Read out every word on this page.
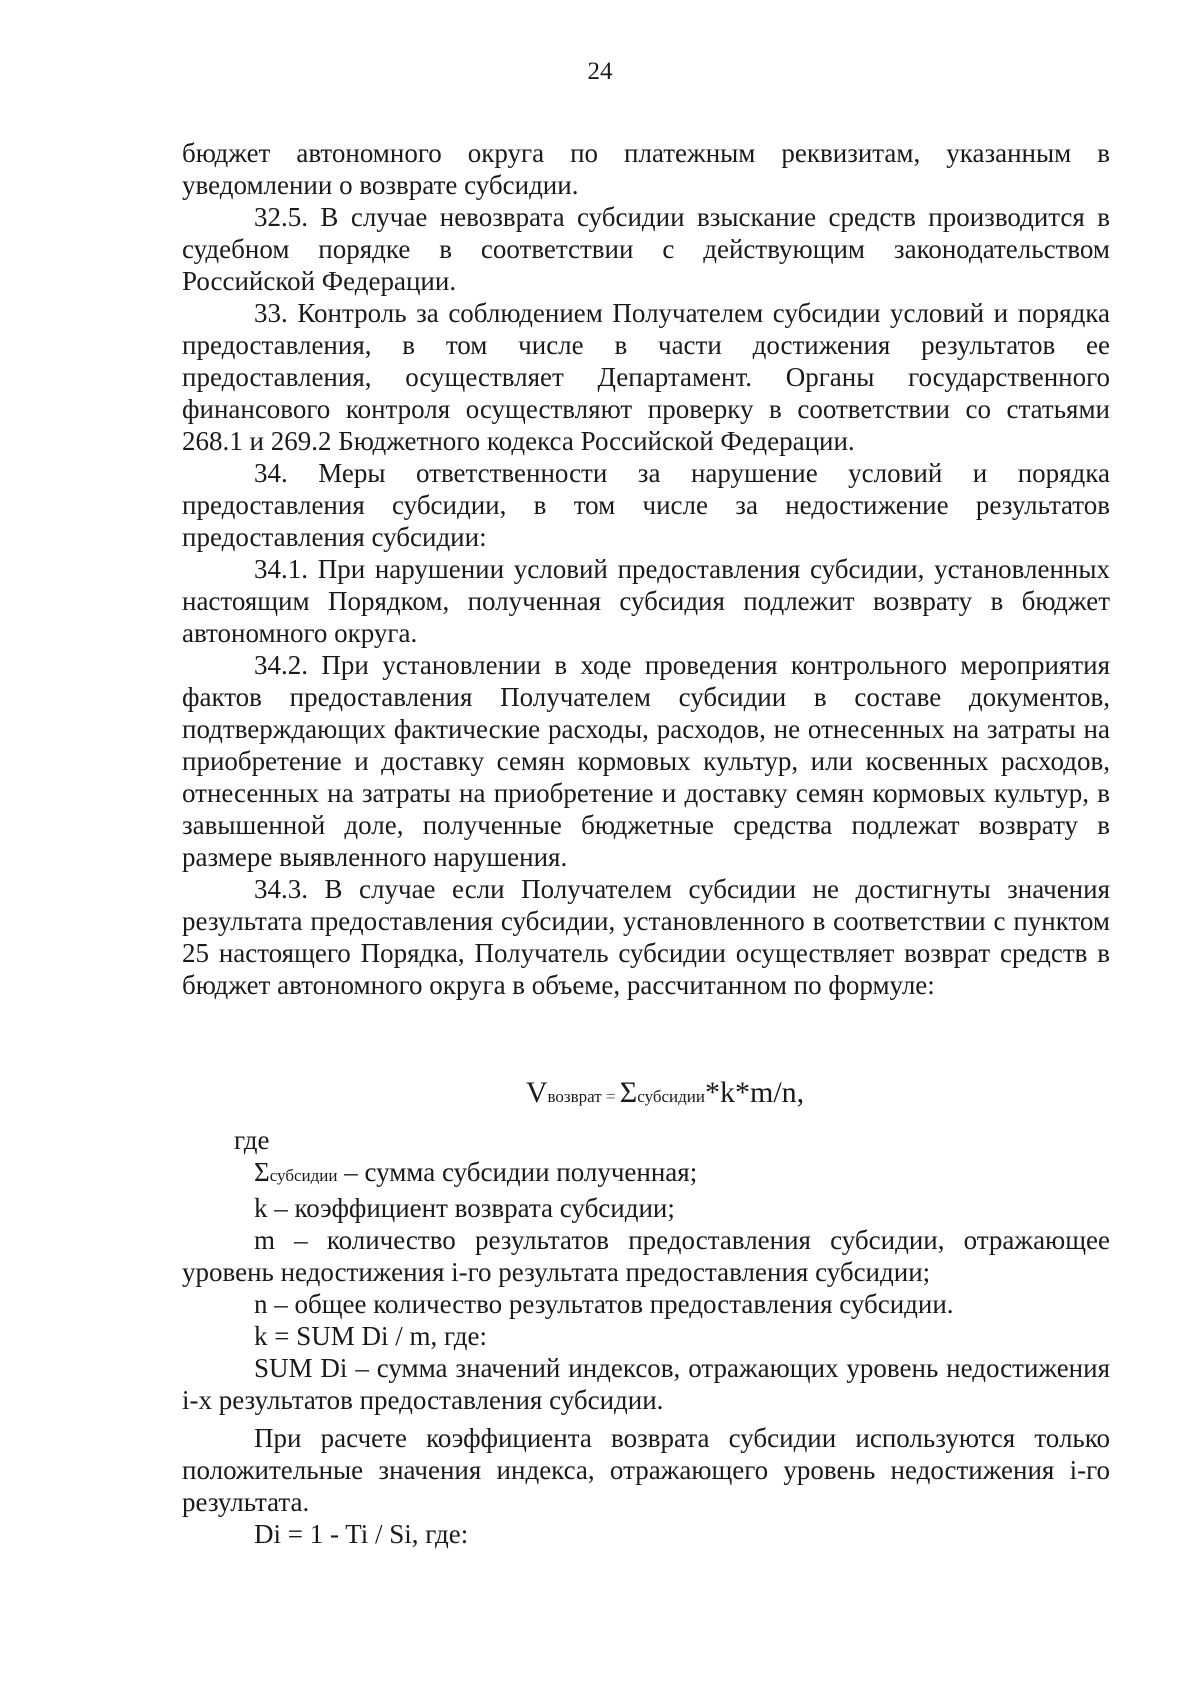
24

бюджет автономного округа по платежным реквизитам, указанным в уведомлении о возврате субсидии.

32.5. В случае невозврата субсидии взыскание средств производится в судебном порядке в соответствии с действующим законодательством Российской Федерации.

33. Контроль за соблюдением Получателем субсидии условий и порядка предоставления, в том числе в части достижения результатов ее предоставления, осуществляет Департамент. Органы государственного финансового контроля осуществляют проверку в соответствии со статьями 268.1 и 269.2 Бюджетного кодекса Российской Федерации.

34. Меры ответственности за нарушение условий и порядка предоставления субсидии, в том числе за недостижение результатов предоставления субсидии:

34.1. При нарушении условий предоставления субсидии, установленных настоящим Порядком, полученная субсидия подлежит возврату в бюджет автономного округа.

34.2. При установлении в ходе проведения контрольного мероприятия фактов предоставления Получателем субсидии в составе документов, подтверждающих фактические расходы, расходов, не отнесенных на затраты на приобретение и доставку семян кормовых культур, или косвенных расходов, отнесенных на затраты на приобретение и доставку семян кормовых культур, в завышенной доле, полученные бюджетные средства подлежат возврату в размере выявленного нарушения.

34.3. В случае если Получателем субсидии не достигнуты значения результата предоставления субсидии, установленного в соответствии с пунктом 25 настоящего Порядка, Получатель субсидии осуществляет возврат средств в бюджет автономного округа в объеме, рассчитанном по формуле:

Vвозврат = Σсубсидии*k*m/n,

где

Σсубсидии – сумма субсидии полученная;

k – коэффициент возврата субсидии;

m – количество результатов предоставления субсидии, отражающее уровень недостижения i-го результата предоставления субсидии;

n – общее количество результатов предоставления субсидии.

k = SUM Di / m, где:

SUM Di – сумма значений индексов, отражающих уровень недостижения i-х результатов предоставления субсидии.

При расчете коэффициента возврата субсидии используются только положительные значения индекса, отражающего уровень недостижения i-го результата.

Di = 1 - Ti / Si, где:
